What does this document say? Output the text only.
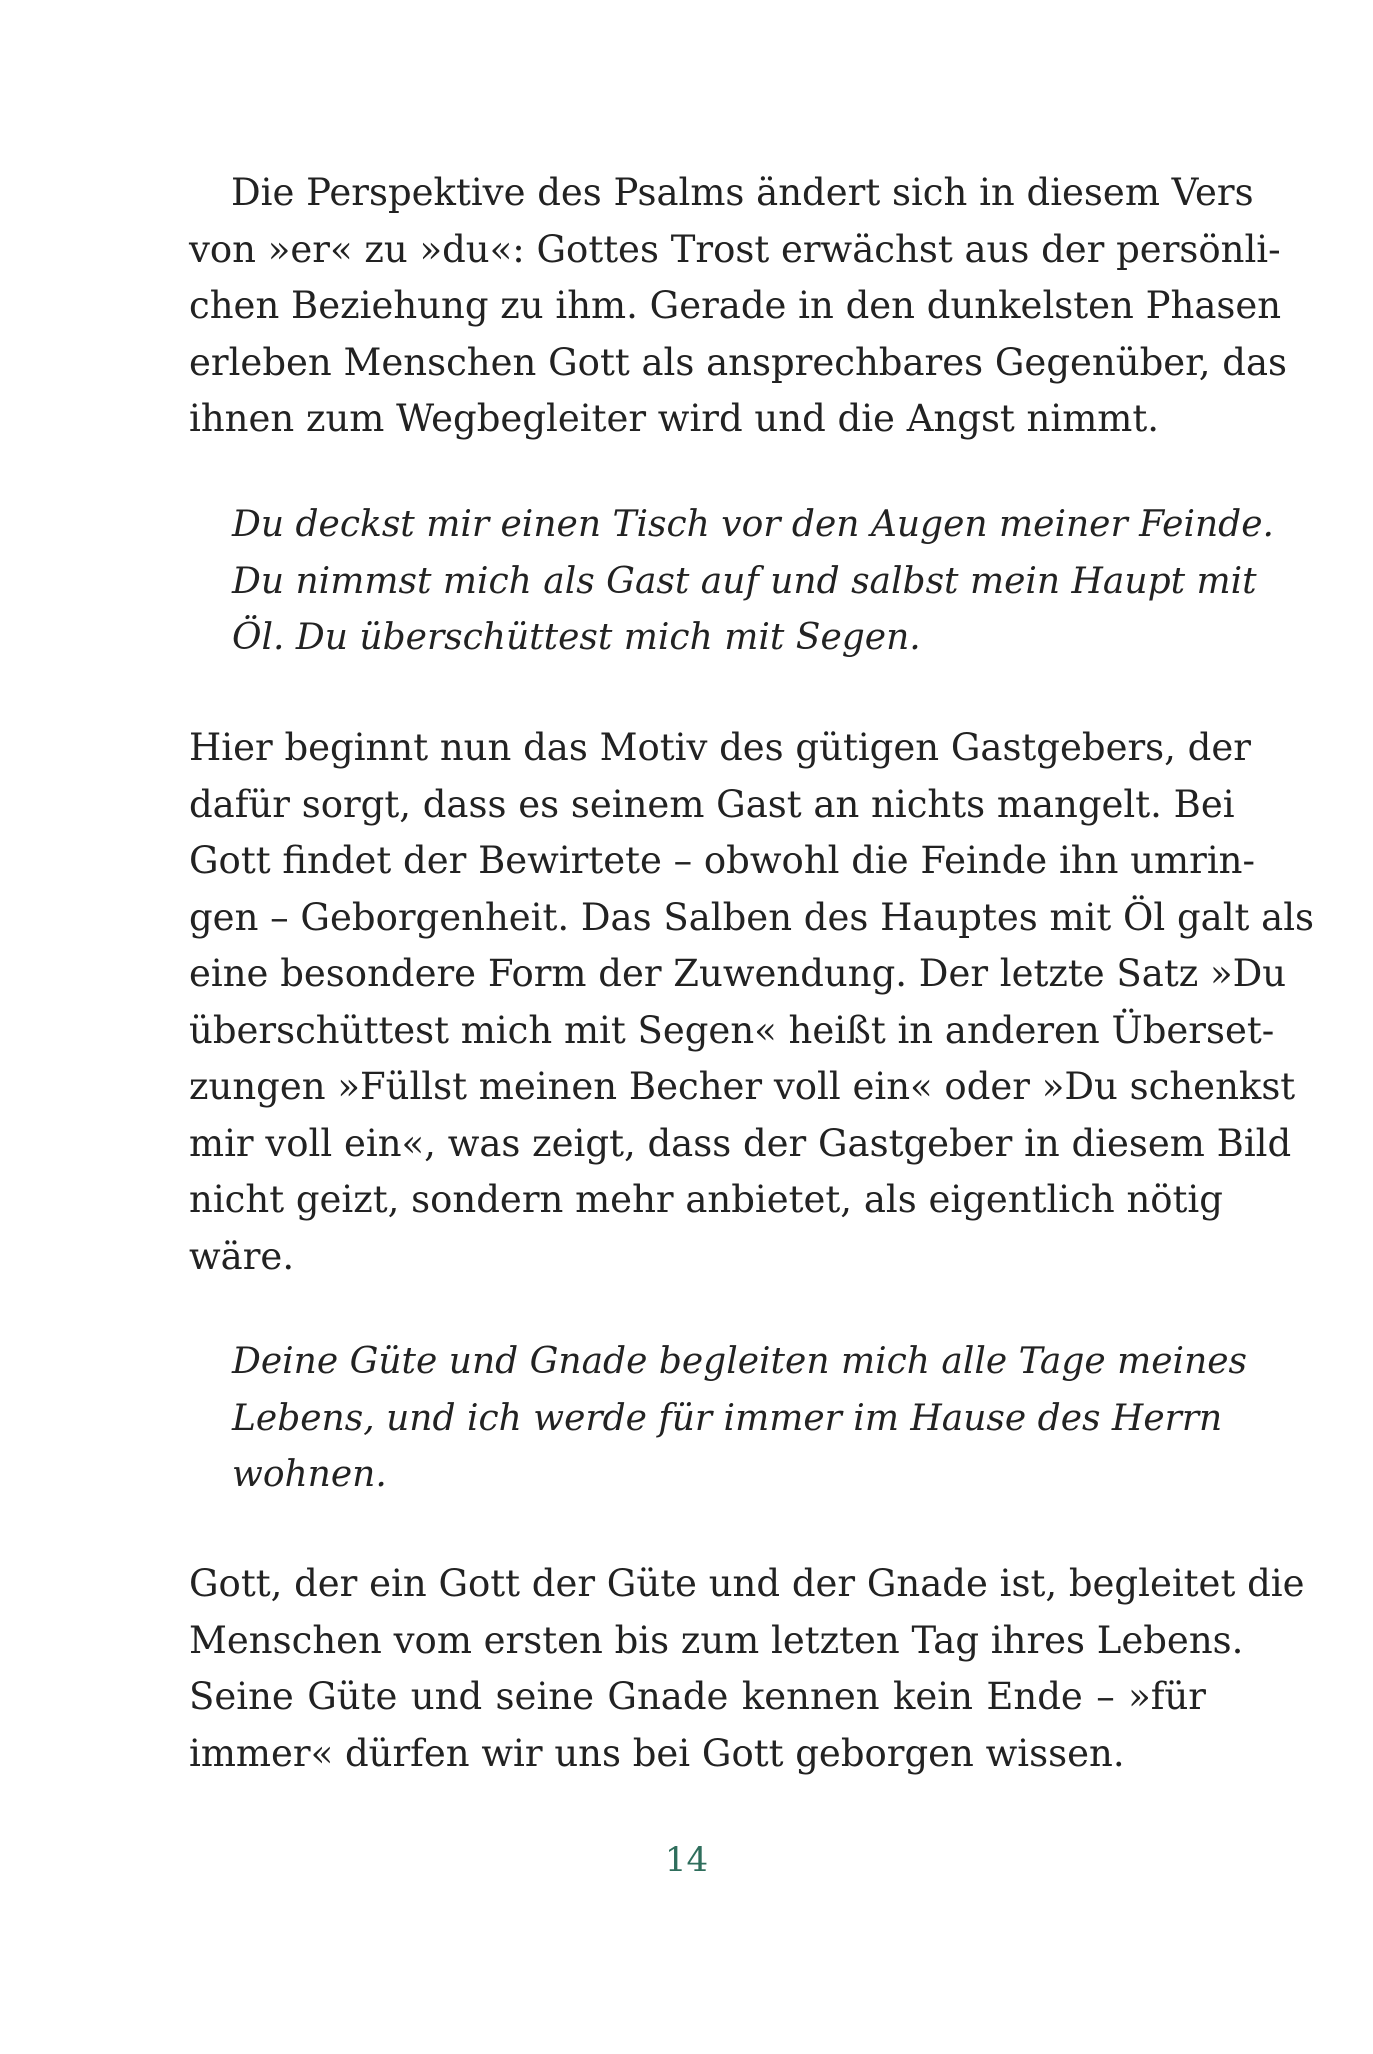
Die Perspektive des Psalms ändert sich in diesem Vers
von »er« zu »du«: Gottes Trost erwächst aus der persönli-
chen Beziehung zu ihm. Gerade in den dunkelsten Phasen
erleben Menschen Gott als ansprechbares Gegenüber, das
ihnen zum Wegbegleiter wird und die Angst nimmt.
Du deckst mir einen Tisch vor den Augen meiner Feinde.
Du nimmst mich als Gast auf und salbst mein Haupt mit
Öl. Du überschüttest mich mit Segen.
Hier beginnt nun das Motiv des gütigen Gastgebers, der
dafür sorgt, dass es seinem Gast an nichts mangelt. Bei
Gott findet der Bewirtete – obwohl die Feinde ihn umrin-
gen – Geborgenheit. Das Salben des Hauptes mit Öl galt als
eine besondere Form der Zuwendung. Der letzte Satz »Du
überschüttest mich mit Segen« heißt in anderen Überset-
zungen »Füllst meinen Becher voll ein« oder »Du schenkst
mir voll ein«, was zeigt, dass der Gastgeber in diesem Bild
nicht geizt, sondern mehr anbietet, als eigentlich nötig
wäre.
Deine Güte und Gnade begleiten mich alle Tage meines
Lebens, und ich werde für immer im Hause des Herrn
wohnen.
Gott, der ein Gott der Güte und der Gnade ist, begleitet die
Menschen vom ersten bis zum letzten Tag ihres Lebens.
Seine Güte und seine Gnade kennen kein Ende – »für
immer« dürfen wir uns bei Gott geborgen wissen.
14
